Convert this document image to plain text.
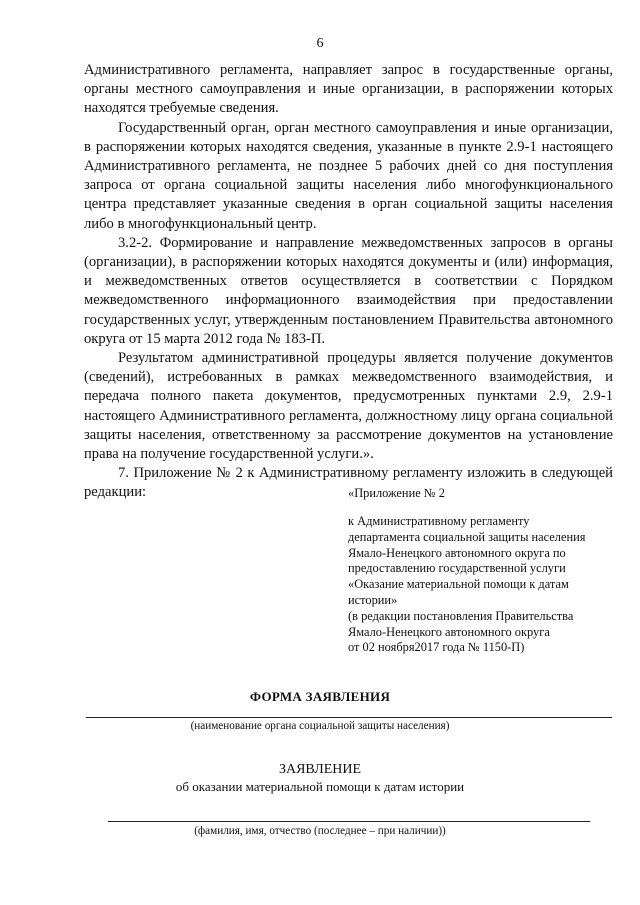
6

Административного регламента, направляет запрос в государственные органы, органы местного самоуправления и иные организации, в распоряжении которых находятся требуемые сведения.

Государственный орган, орган местного самоуправления и иные организации, в распоряжении которых находятся сведения, указанные в пункте 2.9-1 настоящего Административного регламента, не позднее 5 рабочих дней со дня поступления запроса от органа социальной защиты населения либо многофункционального центра представляет указанные сведения в орган социальной защиты населения либо в многофункциональный центр.

3.2-2. Формирование и направление межведомственных запросов в органы (организации), в распоряжении которых находятся документы и (или) информация, и межведомственных ответов осуществляется в соответствии с Порядком межведомственного информационного взаимодействия при предоставлении государственных услуг, утвержденным постановлением Правительства автономного округа от 15 марта 2012 года № 183-П.

Результатом административной процедуры является получение документов (сведений), истребованных в рамках межведомственного взаимодействия, и передача полного пакета документов, предусмотренных пунктами 2.9, 2.9-1 настоящего Административного регламента, должностному лицу органа социальной защиты населения, ответственному за рассмотрение документов на установление права на получение государственной услуги.».

7. Приложение № 2 к Административному регламенту изложить в следующей редакции:	«Приложение № 2
к Административному регламенту
департамента социальной защиты населения
Ямало-Ненецкого автономного округа по
предоставлению государственной услуги
«Оказание материальной помощи к датам
истории»
(в редакции постановления Правительства
Ямало-Ненецкого автономного округа
от 02 ноября2017 года № 1150-П)
ФОРМА ЗАЯВЛЕНИЯ
(наименование органа социальной защиты населения)
ЗАЯВЛЕНИЕ
об оказании материальной помощи к датам истории
(фамилия, имя, отчество (последнее – при наличии))
